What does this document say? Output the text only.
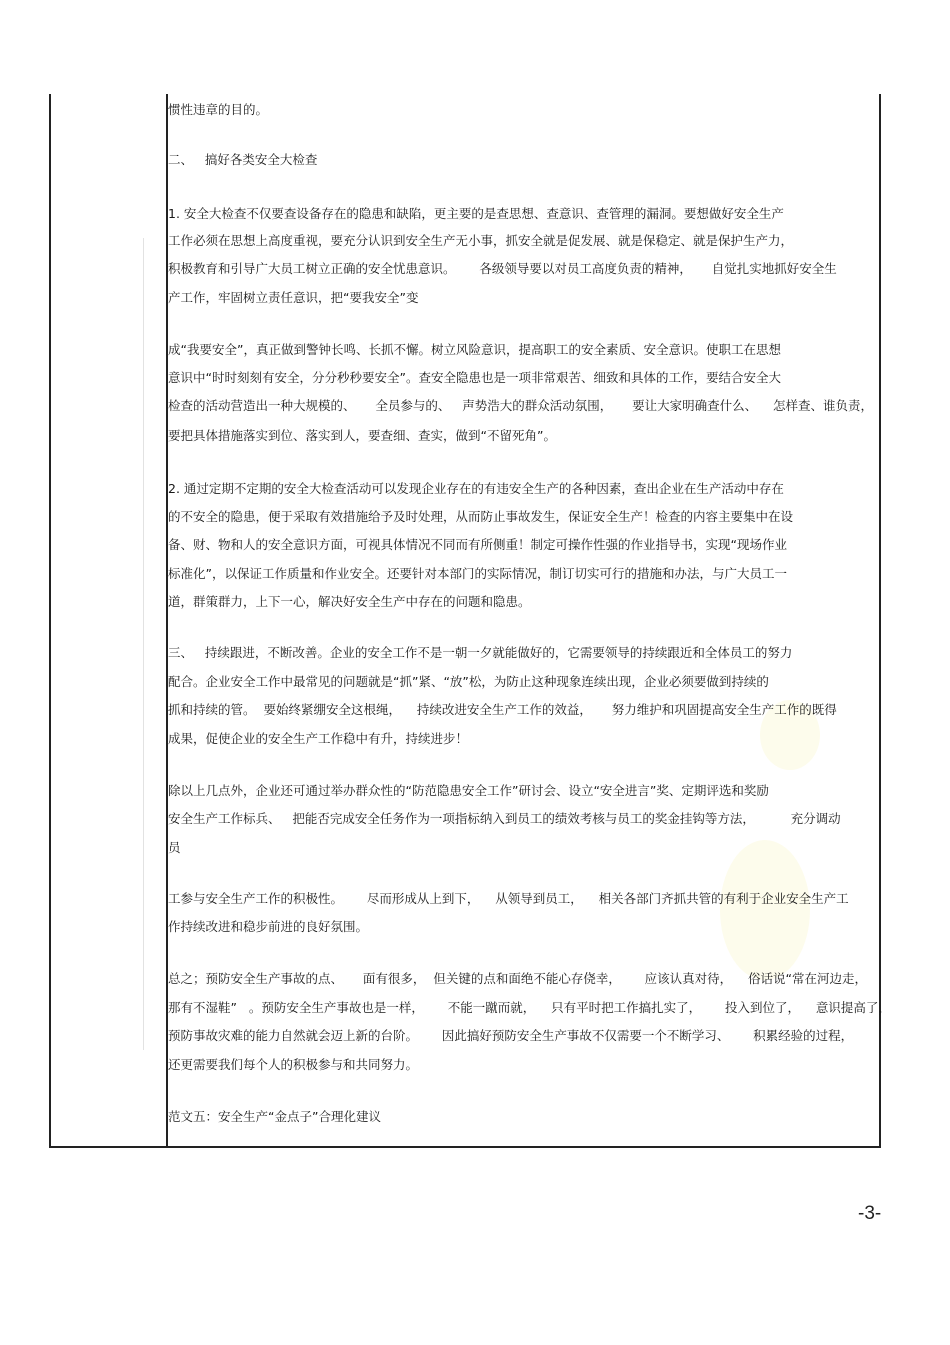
惯性违章的目的。
二、   搞好各类安全大检查
1. 安全大检查不仅要查设备存在的隐患和缺陷，更主要的是查思想、查意识、查管理的漏洞。要想做好安全生产
工作必须在思想上高度重视，要充分认识到安全生产无小事，抓安全就是促发展、就是保稳定、就是保护生产力，
积极教育和引导广大员工树立正确的安全忧患意识。      各级领导要以对员工高度负责的精神，     自觉扎实地抓好安全生
产工作，牢固树立责任意识，把“要我安全”变
成“我要安全”，真正做到警钟长鸣、长抓不懈。树立风险意识，提高职工的安全素质、安全意识。使职工在思想
意识中“时时刻刻有安全，分分秒秒要安全”。查安全隐患也是一项非常艰苦、细致和具体的工作，要结合安全大
检查的活动营造出一种大规模的、     全员参与的、   声势浩大的群众活动氛围，     要让大家明确查什么、    怎样查、谁负责，
要把具体措施落实到位、落实到人，要查细、查实，做到“不留死角”。
2. 通过定期不定期的安全大检查活动可以发现企业存在的有违安全生产的各种因素，查出企业在生产活动中存在
的不安全的隐患，便于采取有效措施给予及时处理，从而防止事故发生，保证安全生产！检查的内容主要集中在设
备、财、物和人的安全意识方面，可视具体情况不同而有所侧重！制定可操作性强的作业指导书，实现“现场作业
标准化”，以保证工作质量和作业安全。还要针对本部门的实际情况，制订切实可行的措施和办法，与广大员工一
道，群策群力，上下一心，解决好安全生产中存在的问题和隐患。
三、   持续跟进，不断改善。企业的安全工作不是一朝一夕就能做好的，它需要领导的持续跟近和全体员工的努力
配合。企业安全工作中最常见的问题就是“抓”紧、“放”松，为防止这种现象连续出现，企业必须要做到持续的
抓和持续的管。  要始终紧绷安全这根绳，    持续改进安全生产工作的效益，     努力维护和巩固提高安全生产工作的既得
成果，促使企业的安全生产工作稳中有升，持续进步！
除以上几点外，企业还可通过举办群众性的“防范隐患安全工作”研讨会、设立“安全进言”奖、定期评选和奖励
安全生产工作标兵、   把能否完成安全任务作为一项指标纳入到员工的绩效考核与员工的奖金挂钩等方法，         充分调动
员
工参与安全生产工作的积极性。      尽而形成从上到下，    从领导到员工，    相关各部门齐抓共管的有利于企业安全生产工
作持续改进和稳步前进的良好氛围。
总之；预防安全生产事故的点、     面有很多，  但关键的点和面绝不能心存侥幸，      应该认真对待，    俗话说“常在河边走，
那有不湿鞋”   。预防安全生产事故也是一样，      不能一蹴而就，    只有平时把工作搞扎实了，      投入到位了，    意识提高了，
预防事故灾难的能力自然就会迈上新的台阶。      因此搞好预防安全生产事故不仅需要一个不断学习、      积累经验的过程，
还更需要我们每个人的积极参与和共同努力。
范文五：安全生产“金点子”合理化建议
-3-
